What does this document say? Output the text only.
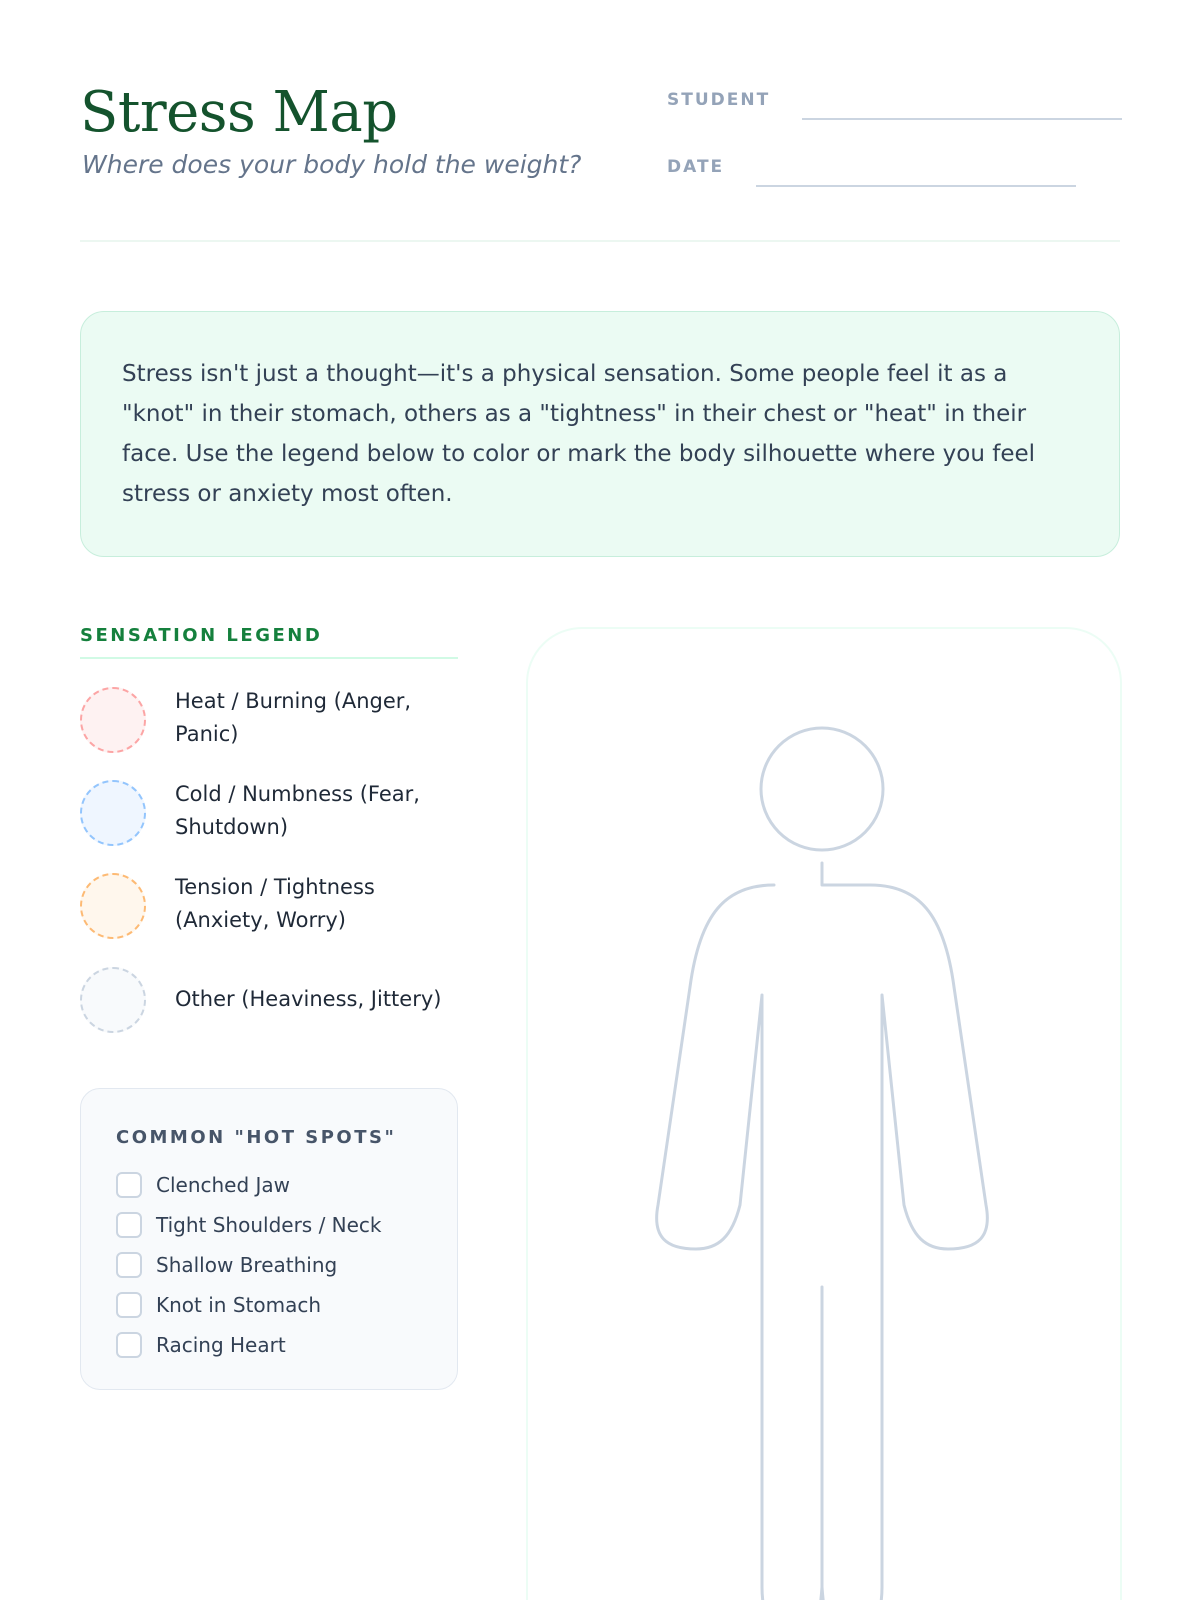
Stress Map
Where does your body hold the weight?
STUDENT
DATE

Stress isn't just a thought—it's a physical sensation. Some people feel it as a "knot" in their stomach, others as a "tightness" in their chest or "heat" in their face. Use the legend below to color or mark the body silhouette where you feel stress or anxiety most often.

SENSATION LEGEND
Heat / Burning (Anger, Panic)
Cold / Numbness (Fear, Shutdown)
Tension / Tightness (Anxiety, Worry)
Other (Heaviness, Jittery)
COMMON "HOT SPOTS"
Clenched Jaw
Tight Shoulders / Neck
Shallow Breathing
Knot in Stomach
Racing Heart
